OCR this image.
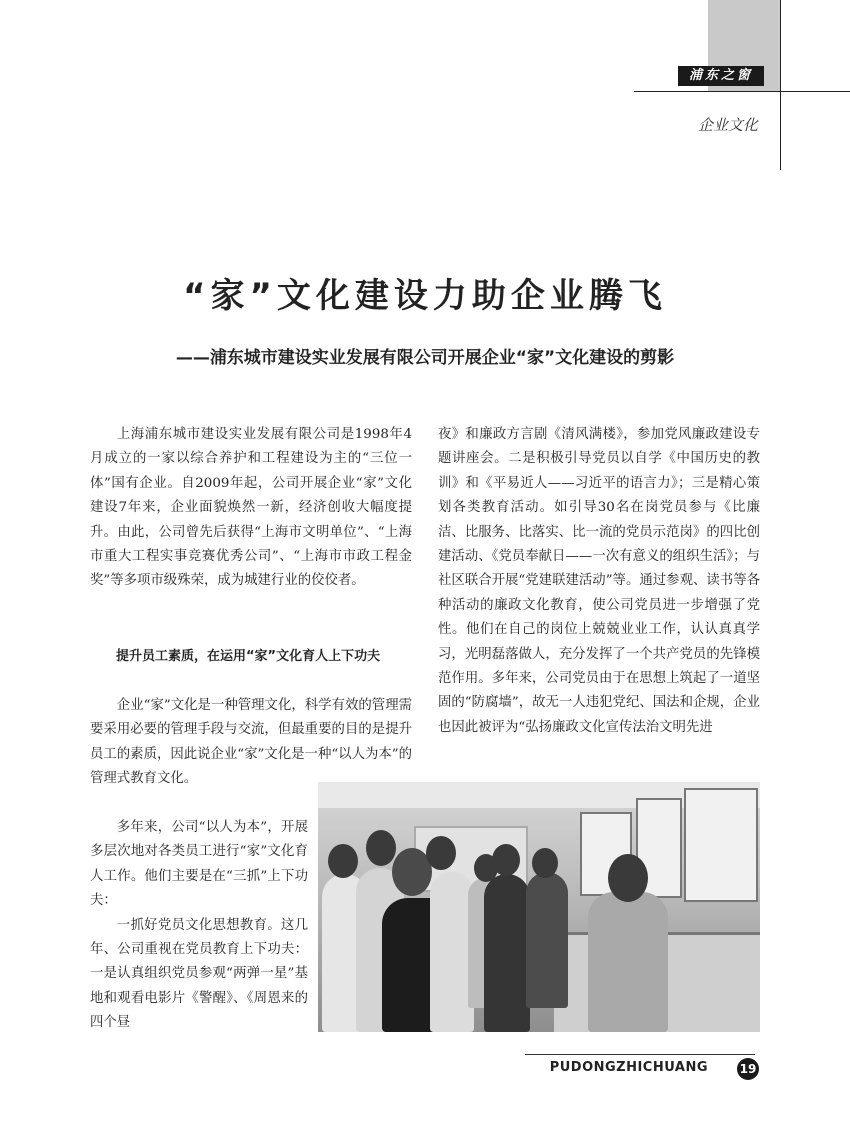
浦东之窗
企业文化
“家”文化建设力助企业腾飞
——浦东城市建设实业发展有限公司开展企业“家”文化建设的剪影

上海浦东城市建设实业发展有限公司是1998年4月成立的一家以综合养护和工程建设为主的“三位一体”国有企业。自2009年起，公司开展企业“家”文化建设7年来，企业面貌焕然一新，经济创收大幅度提升。由此，公司曾先后获得“上海市文明单位”、“上海市重大工程实事竞赛优秀公司”、“上海市市政工程金奖”等多项市级殊荣，成为城建行业的佼佼者。

提升员工素质，在运用“家”文化育人上下功夫

企业“家”文化是一种管理文化，科学有效的管理需要采用必要的管理手段与交流，但最重要的目的是提升员工的素质，因此说企业“家”文化是一种“以人为本”的管理式教育文化。

多年来，公司“以人为本”，开展多层次地对各类员工进行“家”文化育人工作。他们主要是在“三抓”上下功夫：

一抓好党员文化思想教育。这几年、公司重视在党员教育上下功夫：一是认真组织党员参观“两弹一星”基地和观看电影片《警醒》、《周恩来的四个昼

夜》和廉政方言剧《清风满楼》，参加党风廉政建设专题讲座会。二是积极引导党员以自学《中国历史的教训》和《平易近人——习近平的语言力》；三是精心策划各类教育活动。如引导30名在岗党员参与《比廉洁、比服务、比落实、比一流的党员示范岗》的四比创建活动、《党员奉献日——一次有意义的组织生活》；与社区联合开展“党建联建活动”等。通过参观、读书等各种活动的廉政文化教育，使公司党员进一步增强了党性。他们在自己的岗位上兢兢业业工作，认认真真学习，光明磊落做人，充分发挥了一个共产党员的先锋模范作用。多年来，公司党员由于在思想上筑起了一道坚固的“防腐墙”，故无一人违犯党纪、国法和企规，企业也因此被评为“弘扬廉政文化宣传法治文明先进

PUDONGZHICHUANG	19
